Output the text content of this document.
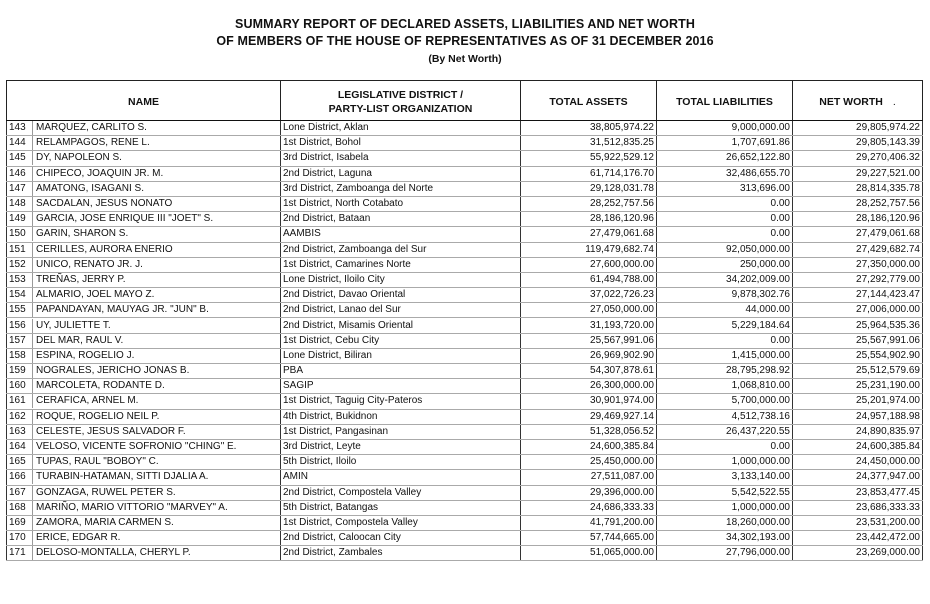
SUMMARY REPORT OF DECLARED ASSETS, LIABILITIES AND NET WORTH
OF MEMBERS OF THE HOUSE OF REPRESENTATIVES AS OF 31 DECEMBER 2016
(By Net Worth)
NAME	LEGISLATIVE DISTRICT /
PARTY-LIST ORGANIZATION	TOTAL ASSETS	TOTAL LIABILITIES	NET WORTH .
143 MARQUEZ, CARLITO S.	Lone District, Aklan	38,805,974.22	9,000,000.00	29,805,974.22
144 RELAMPAGOS, RENE L.	1st District, Bohol	31,512,835.25	1,707,691.86	29,805,143.39
145 DY, NAPOLEON S.	3rd District, Isabela	55,922,529.12	26,652,122.80	29,270,406.32
146 CHIPECO, JOAQUIN JR. M.	2nd District, Laguna	61,714,176.70	32,486,655.70	29,227,521.00
147 AMATONG, ISAGANI S.	3rd District, Zamboanga del Norte	29,128,031.78	313,696.00	28,814,335.78
148 SACDALAN, JESUS NONATO	1st District, North Cotabato	28,252,757.56	0.00	28,252,757.56
149 GARCIA, JOSE ENRIQUE III "JOET" S.	2nd District, Bataan	28,186,120.96	0.00	28,186,120.96
150 GARIN, SHARON S.	AAMBIS	27,479,061.68	0.00	27,479,061.68
151 CERILLES, AURORA ENERIO	2nd District, Zamboanga del Sur	119,479,682.74	92,050,000.00	27,429,682.74
152 UNICO, RENATO JR. J.	1st District, Camarines Norte	27,600,000.00	250,000.00	27,350,000.00
153 TREÑAS, JERRY P.	Lone District, Iloilo City	61,494,788.00	34,202,009.00	27,292,779.00
154 ALMARIO, JOEL MAYO Z.	2nd District, Davao Oriental	37,022,726.23	9,878,302.76	27,144,423.47
155 PAPANDAYAN, MAUYAG JR. "JUN" B.	2nd District, Lanao del Sur	27,050,000.00	44,000.00	27,006,000.00
156 UY, JULIETTE T.	2nd District, Misamis Oriental	31,193,720.00	5,229,184.64	25,964,535.36
157 DEL MAR, RAUL V.	1st District, Cebu City	25,567,991.06	0.00	25,567,991.06
158 ESPINA, ROGELIO J.	Lone District, Biliran	26,969,902.90	1,415,000.00	25,554,902.90
159 NOGRALES, JERICHO JONAS B.	PBA	54,307,878.61	28,795,298.92	25,512,579.69
160 MARCOLETA, RODANTE D.	SAGIP	26,300,000.00	1,068,810.00	25,231,190.00
161 CERAFICA, ARNEL M.	1st District, Taguig City-Pateros	30,901,974.00	5,700,000.00	25,201,974.00
162 ROQUE, ROGELIO NEIL P.	4th District, Bukidnon	29,469,927.14	4,512,738.16	24,957,188.98
163 CELESTE, JESUS SALVADOR F.	1st District, Pangasinan	51,328,056.52	26,437,220.55	24,890,835.97
164 VELOSO, VICENTE SOFRONIO "CHING" E.	3rd District, Leyte	24,600,385.84	0.00	24,600,385.84
165 TUPAS, RAUL "BOBOY" C.	5th District, Iloilo	25,450,000.00	1,000,000.00	24,450,000.00
166 TURABIN-HATAMAN, SITTI DJALIA A.	AMIN	27,511,087.00	3,133,140.00	24,377,947.00
167 GONZAGA, RUWEL PETER S.	2nd District, Compostela Valley	29,396,000.00	5,542,522.55	23,853,477.45
168 MARIÑO, MARIO VITTORIO "MARVEY" A.	5th District, Batangas	24,686,333.33	1,000,000.00	23,686,333.33
169 ZAMORA, MARIA CARMEN S.	1st District, Compostela Valley	41,791,200.00	18,260,000.00	23,531,200.00
170 ERICE, EDGAR R.	2nd District, Caloocan City	57,744,665.00	34,302,193.00	23,442,472.00
171 DELOSO-MONTALLA, CHERYL P.	2nd District, Zambales	51,065,000.00	27,796,000.00	23,269,000.00
